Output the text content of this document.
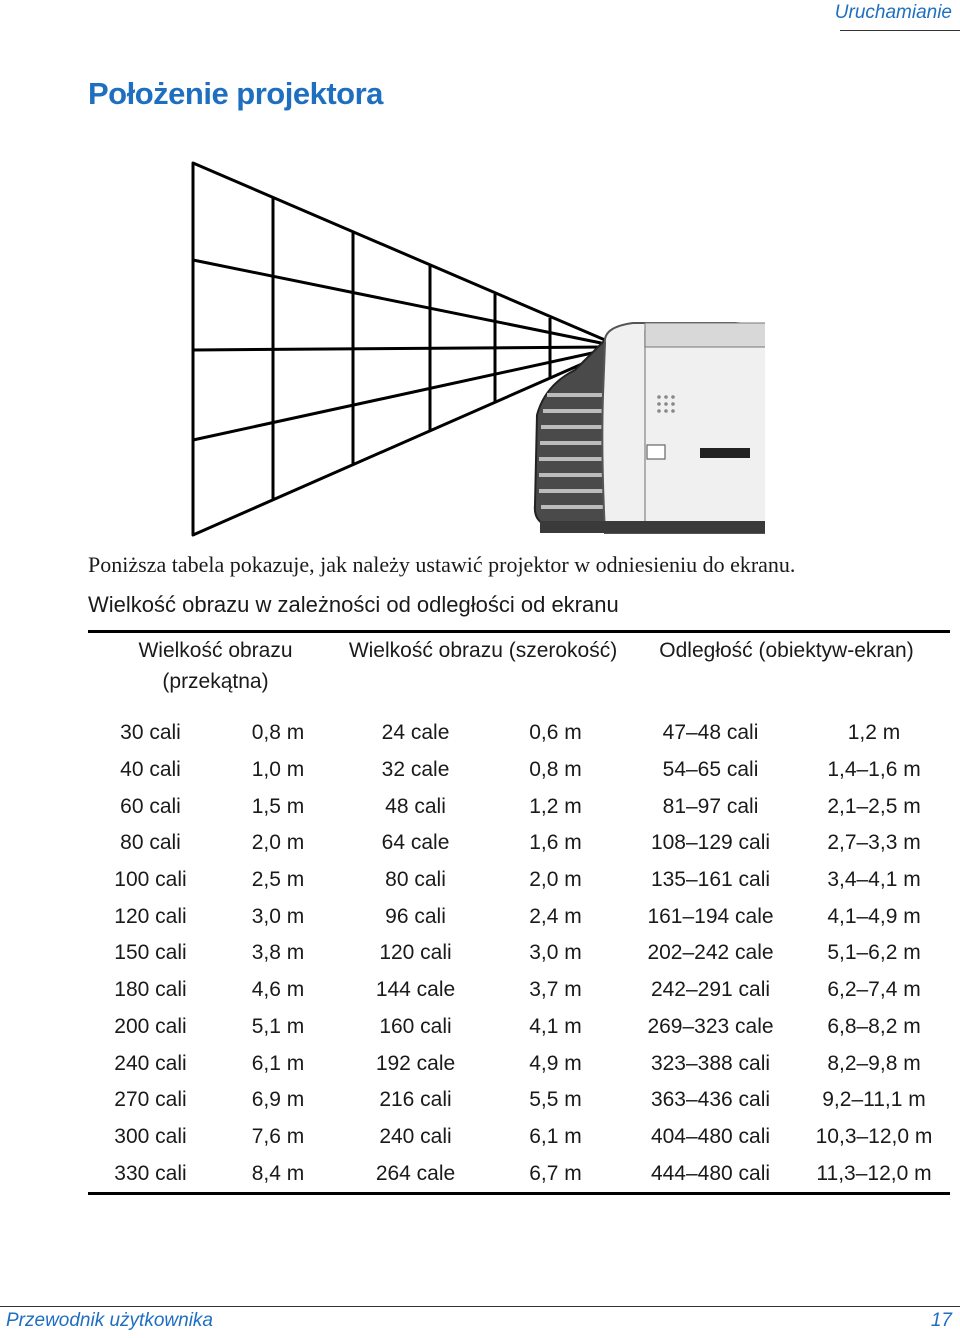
Uruchamianie
Położenie projektora
Poniższa tabela pokazuje, jak należy ustawić projektor w odniesieniu do ekranu.
Wielkość obrazu w zależności od odległości od ekranu
Wielkość obrazu (przekątna)		Wielkość obrazu (szerokość)		Odległość (obiektyw-ekran)	
30 cali	0,8 m	24 cale	0,6 m	47–48 cali	1,2 m
40 cali	1,0 m	32 cale	0,8 m	54–65 cali	1,4–1,6 m
60 cali	1,5 m	48 cali	1,2 m	81–97 cali	2,1–2,5 m
80 cali	2,0 m	64 cale	1,6 m	108–129 cali	2,7–3,3 m
100 cali	2,5 m	80 cali	2,0 m	135–161 cali	3,4–4,1 m
120 cali	3,0 m	96 cali	2,4 m	161–194 cale	4,1–4,9 m
150 cali	3,8 m	120 cali	3,0 m	202–242 cale	5,1–6,2 m
180 cali	4,6 m	144 cale	3,7 m	242–291 cali	6,2–7,4 m
200 cali	5,1 m	160 cali	4,1 m	269–323 cale	6,8–8,2 m
240 cali	6,1 m	192 cale	4,9 m	323–388 cali	8,2–9,8 m
270 cali	6,9 m	216 cali	5,5 m	363–436 cali	9,2–11,1 m
300 cali	7,6 m	240 cali	6,1 m	404–480 cali	10,3–12,0 m
330 cali	8,4 m	264 cale	6,7 m	444–480 cali	11,3–12,0 m
Przewodnik użytkownika	17
